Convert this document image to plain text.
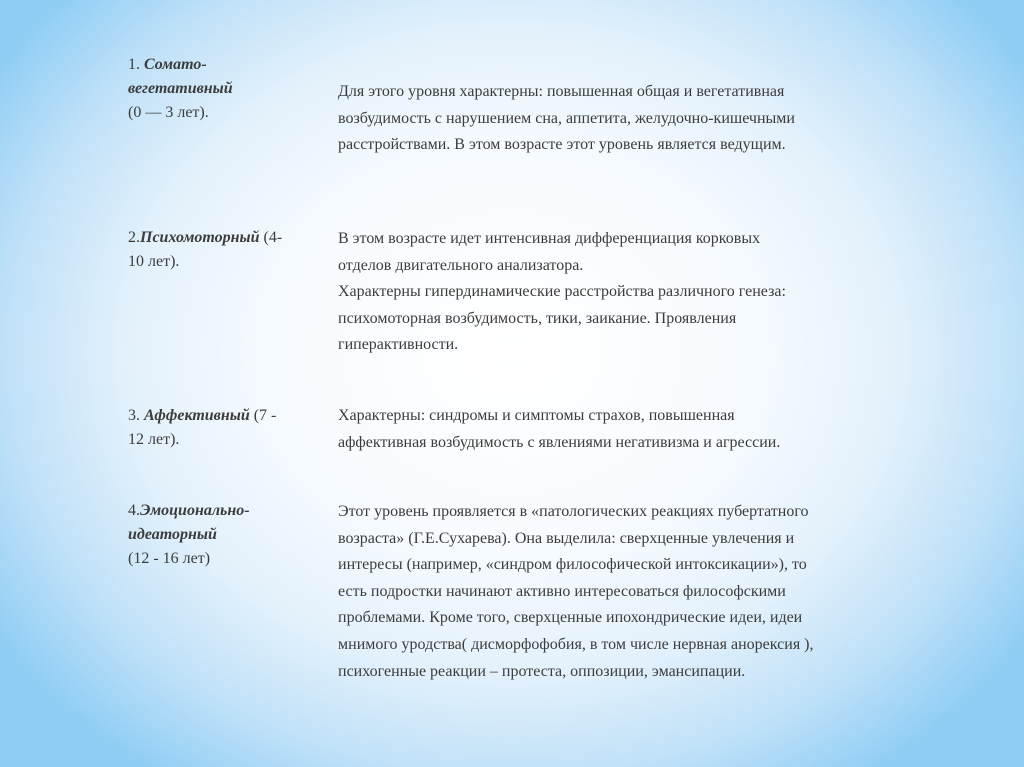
1. Сомато-
вегетативный
(0 — 3 лет).
Для этого уровня характерны: повышенная общая и вегетативная
возбудимость с нарушением сна, аппетита, желудочно-кишечными
расстройствами. В этом возрасте этот уровень является ведущим.
2.Психомоторный (4-
10 лет).
В этом возрасте идет интенсивная дифференциация корковых
отделов двигательного анализатора.
Характерны гипердинамические расстройства различного генеза:
психомоторная возбудимость, тики, заикание. Проявления
гиперактивности.
3. Аффективный (7 -
12 лет).
Характерны: синдромы и симптомы страхов, повышенная
аффективная возбудимость с явлениями негативизма и агрессии.
4.Эмоционально-
идеаторный
(12 - 16 лет)
Этот уровень проявляется в «патологических реакциях пубертатного
возраста» (Г.Е.Сухарева). Она выделила: сверхценные увлечения и
интересы (например, «синдром философической интоксикации»), то
есть подростки начинают активно интересоваться философскими
проблемами. Кроме того, сверхценные ипохондрические идеи, идеи
мнимого уродства( дисморфофобия, в том числе нервная анорексия ),
психогенные реакции – протеста, оппозиции, эмансипации.
